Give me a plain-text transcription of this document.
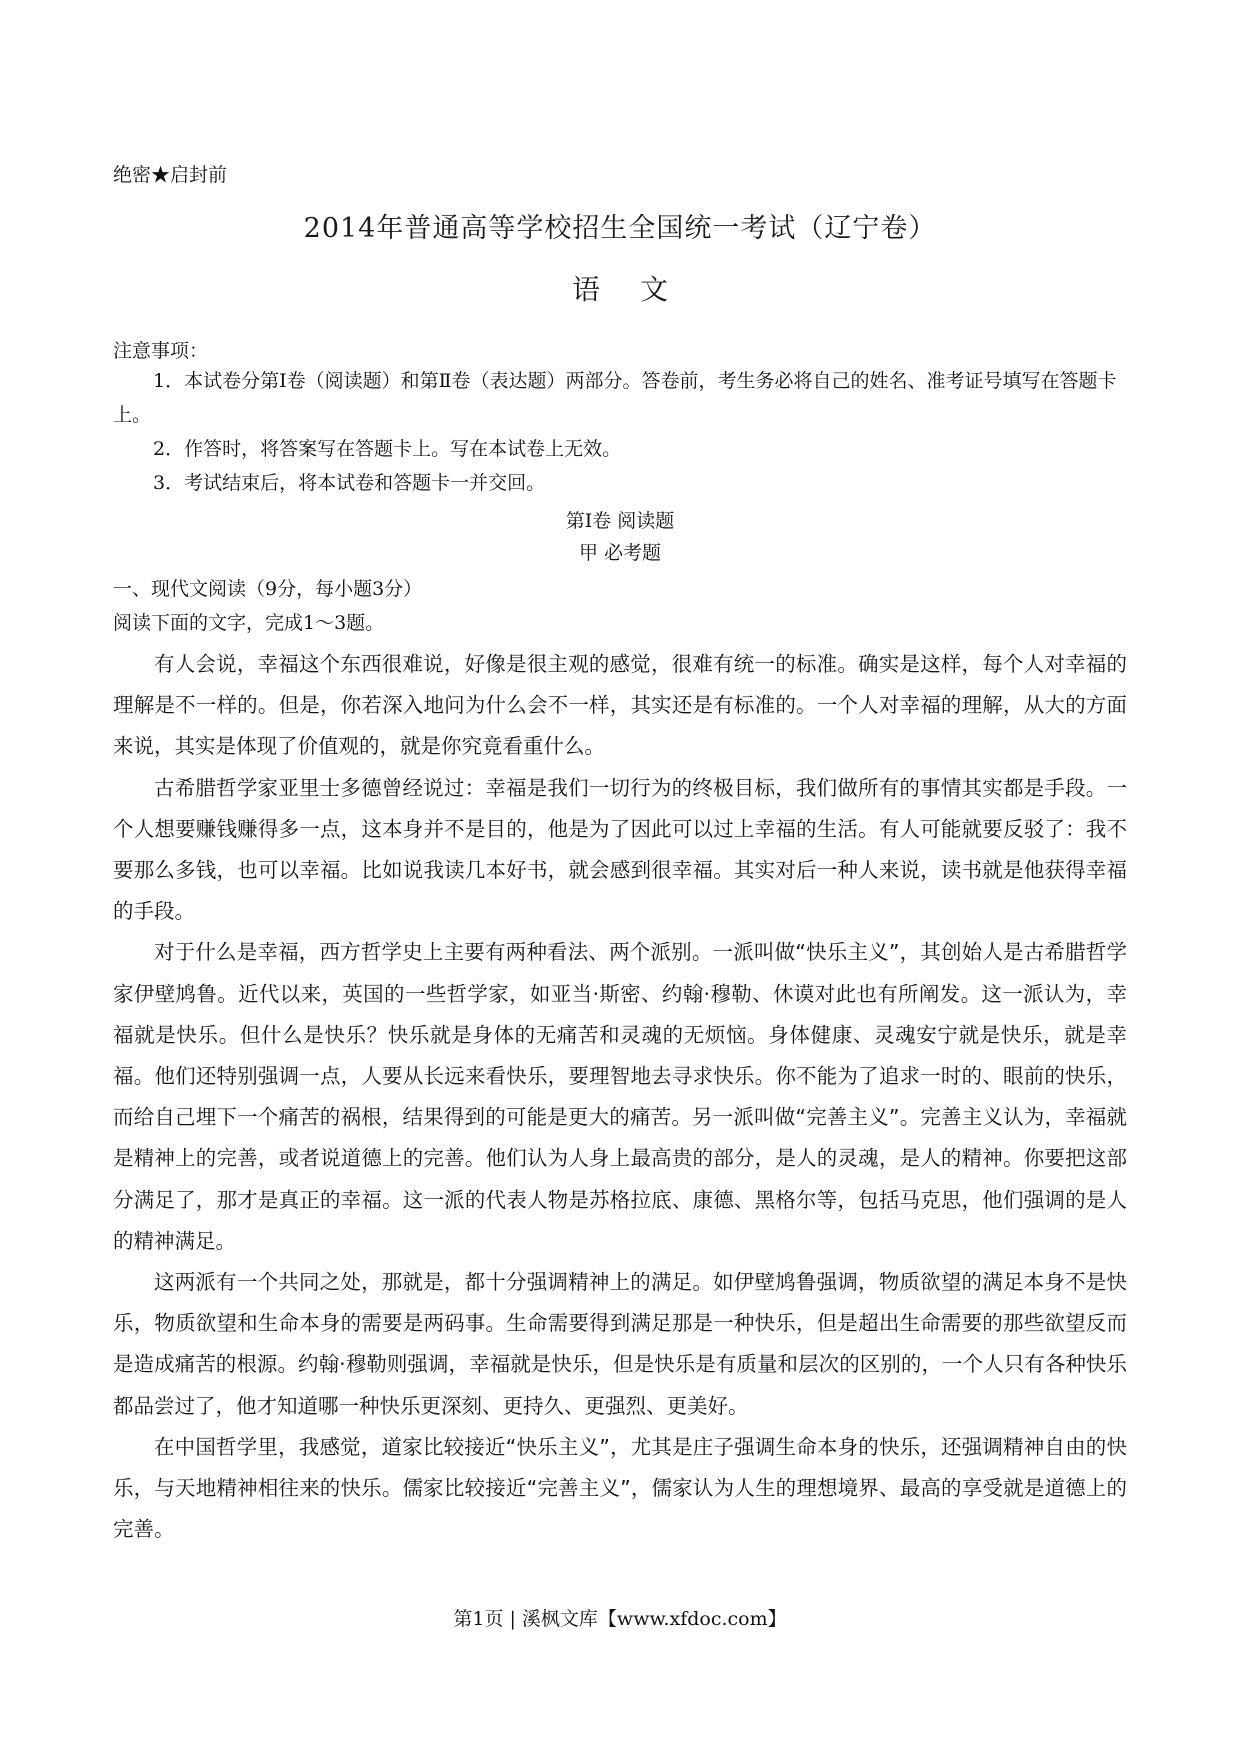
绝密★启封前
2014年普通高等学校招生全国统一考试（辽宁卷）
语文
注意事项：
1．本试卷分第Ⅰ卷（阅读题）和第Ⅱ卷（表达题）两部分。答卷前，考生务必将自己的姓名、准考证号填写在答题卡上。
2．作答时，将答案写在答题卡上。写在本试卷上无效。
3．考试结束后，将本试卷和答题卡一并交回。
第Ⅰ卷 阅读题
甲 必考题
一、现代文阅读（9分，每小题3分）
阅读下面的文字，完成1～3题。

有人会说，幸福这个东西很难说，好像是很主观的感觉，很难有统一的标准。确实是这样，每个人对幸福的理解是不一样的。但是，你若深入地问为什么会不一样，其实还是有标准的。一个人对幸福的理解，从大的方面来说，其实是体现了价值观的，就是你究竟看重什么。

古希腊哲学家亚里士多德曾经说过：幸福是我们一切行为的终极目标，我们做所有的事情其实都是手段。一个人想要赚钱赚得多一点，这本身并不是目的，他是为了因此可以过上幸福的生活。有人可能就要反驳了：我不要那么多钱，也可以幸福。比如说我读几本好书，就会感到很幸福。其实对后一种人来说，读书就是他获得幸福的手段。

对于什么是幸福，西方哲学史上主要有两种看法、两个派别。一派叫做“快乐主义”，其创始人是古希腊哲学家伊壁鸠鲁。近代以来，英国的一些哲学家，如亚当·斯密、约翰·穆勒、休谟对此也有所阐发。这一派认为，幸福就是快乐。但什么是快乐？快乐就是身体的无痛苦和灵魂的无烦恼。身体健康、灵魂安宁就是快乐，就是幸福。他们还特别强调一点，人要从长远来看快乐，要理智地去寻求快乐。你不能为了追求一时的、眼前的快乐，而给自己埋下一个痛苦的祸根，结果得到的可能是更大的痛苦。另一派叫做“完善主义”。完善主义认为，幸福就是精神上的完善，或者说道德上的完善。他们认为人身上最高贵的部分，是人的灵魂，是人的精神。你要把这部分满足了，那才是真正的幸福。这一派的代表人物是苏格拉底、康德、黑格尔等，包括马克思，他们强调的是人的精神满足。

这两派有一个共同之处，那就是，都十分强调精神上的满足。如伊壁鸠鲁强调，物质欲望的满足本身不是快乐，物质欲望和生命本身的需要是两码事。生命需要得到满足那是一种快乐，但是超出生命需要的那些欲望反而是造成痛苦的根源。约翰·穆勒则强调，幸福就是快乐，但是快乐是有质量和层次的区别的，一个人只有各种快乐都品尝过了，他才知道哪一种快乐更深刻、更持久、更强烈、更美好。

在中国哲学里，我感觉，道家比较接近“快乐主义”，尤其是庄子强调生命本身的快乐，还强调精神自由的快乐，与天地精神相往来的快乐。儒家比较接近“完善主义”，儒家认为人生的理想境界、最高的享受就是道德上的完善。

第1页 | 溪枫文库【www.xfdoc.com】
